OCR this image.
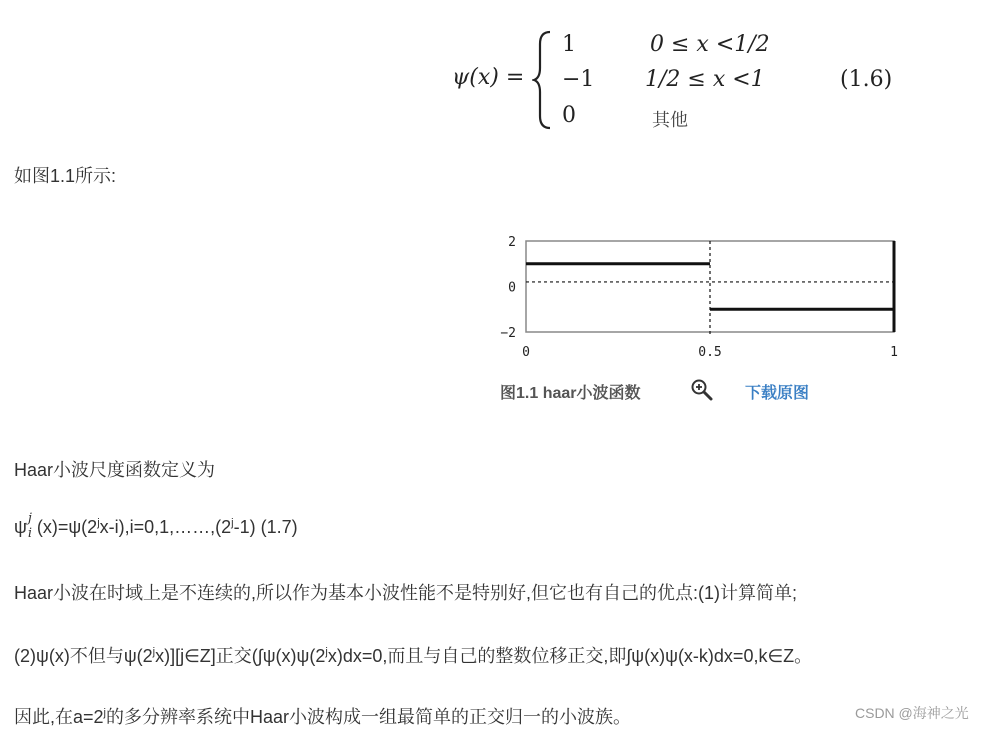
ψ(x) =
1	0 ≤ x <1/2
−1 1/2 ≤ x <1
0	其他
(1.6)
如图1.1所示:
2
0
−2
0	0.5	1
图1.1 haar小波函数	下载原图
Haar小波尺度函数定义为
ψ j
i $(x)=\psi(2^jx-i),i=0,1,\dots\dots,(2^j-1)$ (1.7)
Haar小波在时域上是不连续的,所以作为基本小波性能不是特别好,但它也有自己的优点:(1)计算简单;
(2)ψ(x)不但与ψ(2$^j$x)][j∈Z]正交($\int\psi(x)\psi(2^jx)dx=0$,而且与自己的整数位移正交,即∫ψ(x)ψ(x-k)dx=0,k∈Z。
因此,在$a=2^j$的多分辨率系统中Haar小波构成一组最简单的正交归一的小波族。	CSDN @海神之光
